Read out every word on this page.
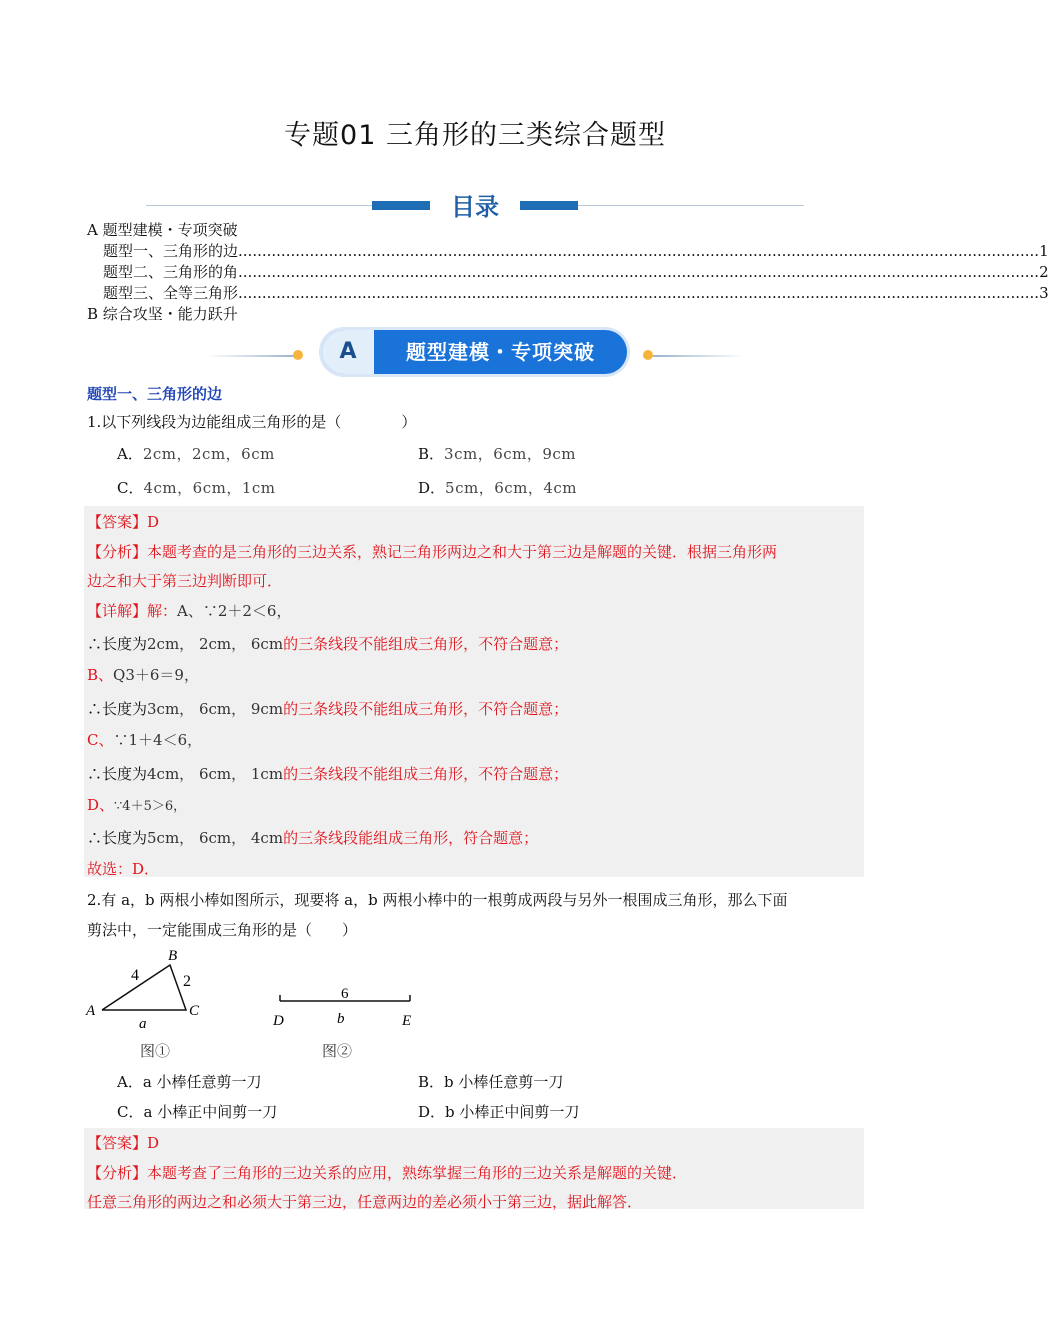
专题01 三角形的三类综合题型
目录
A 题型建模・专项突破
题型一、三角形的边 ........................................................................................................................................................................ 1
题型二、三角形的角 ........................................................................................................................................................................ 2
题型三、全等三角形 ........................................................................................................................................................................ 3
B 综合攻坚・能力跃升
A	题型建模・专项突破
题型一、三角形的边
1.以下列线段为边能组成三角形的是（　　　　）
A．2cm，2cm，6cm	B．3cm，6cm，9cm
C．4cm，6cm，1cm	D．5cm，6cm，4cm
【答案】D
【分析】本题考查的是三角形的三边关系，熟记三角形两边之和大于第三边是解题的关键．根据三角形两
边之和大于第三边判断即可．
【详解】解：A、∵2＋2＜6，
∴长度为2cm， 2cm， 6cm的三条线段不能组成三角形，不符合题意；
B、Q3＋6＝9，
∴长度为3cm， 6cm， 9cm的三条线段不能组成三角形，不符合题意；
C、∵1＋4＜6，
∴长度为4cm， 6cm， 1cm的三条线段不能组成三角形，不符合题意；
D、∵4＋5＞6，
∴长度为5cm， 6cm， 4cm的三条线段能组成三角形，符合题意；
故选：D．
2.有 a，b 两根小棒如图所示，现要将 a，b 两根小棒中的一根剪成两段与另外一根围成三角形，那么下面
剪法中，一定能围成三角形的是（　　）
A
B
C
4	2
a
图①
6
D	b	E
图②
A．a 小棒任意剪一刀	B．b 小棒任意剪一刀
C．a 小棒正中间剪一刀	D．b 小棒正中间剪一刀
【答案】D
【分析】本题考查了三角形的三边关系的应用，熟练掌握三角形的三边关系是解题的关键．
任意三角形的两边之和必须大于第三边，任意两边的差必须小于第三边，据此解答．
